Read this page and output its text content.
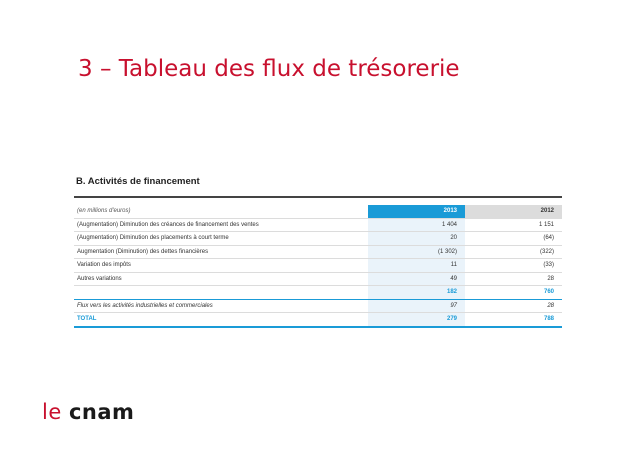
3 – Tableau des flux de trésorerie
B. Activités de financement
(en millions d'euros)	2013	2012
(Augmentation) Diminution des créances de financement des ventes	1 404	1 151
(Augmentation) Diminution des placements à court terme	20	(64)
Augmentation (Diminution) des dettes financières	(1 302)	(322)
Variation des impôts	11	(33)
Autres variations	49	28
	182	760
Flux vers les activités industrielles et commerciales	97	28
TOTAL	279	788
le cnam
